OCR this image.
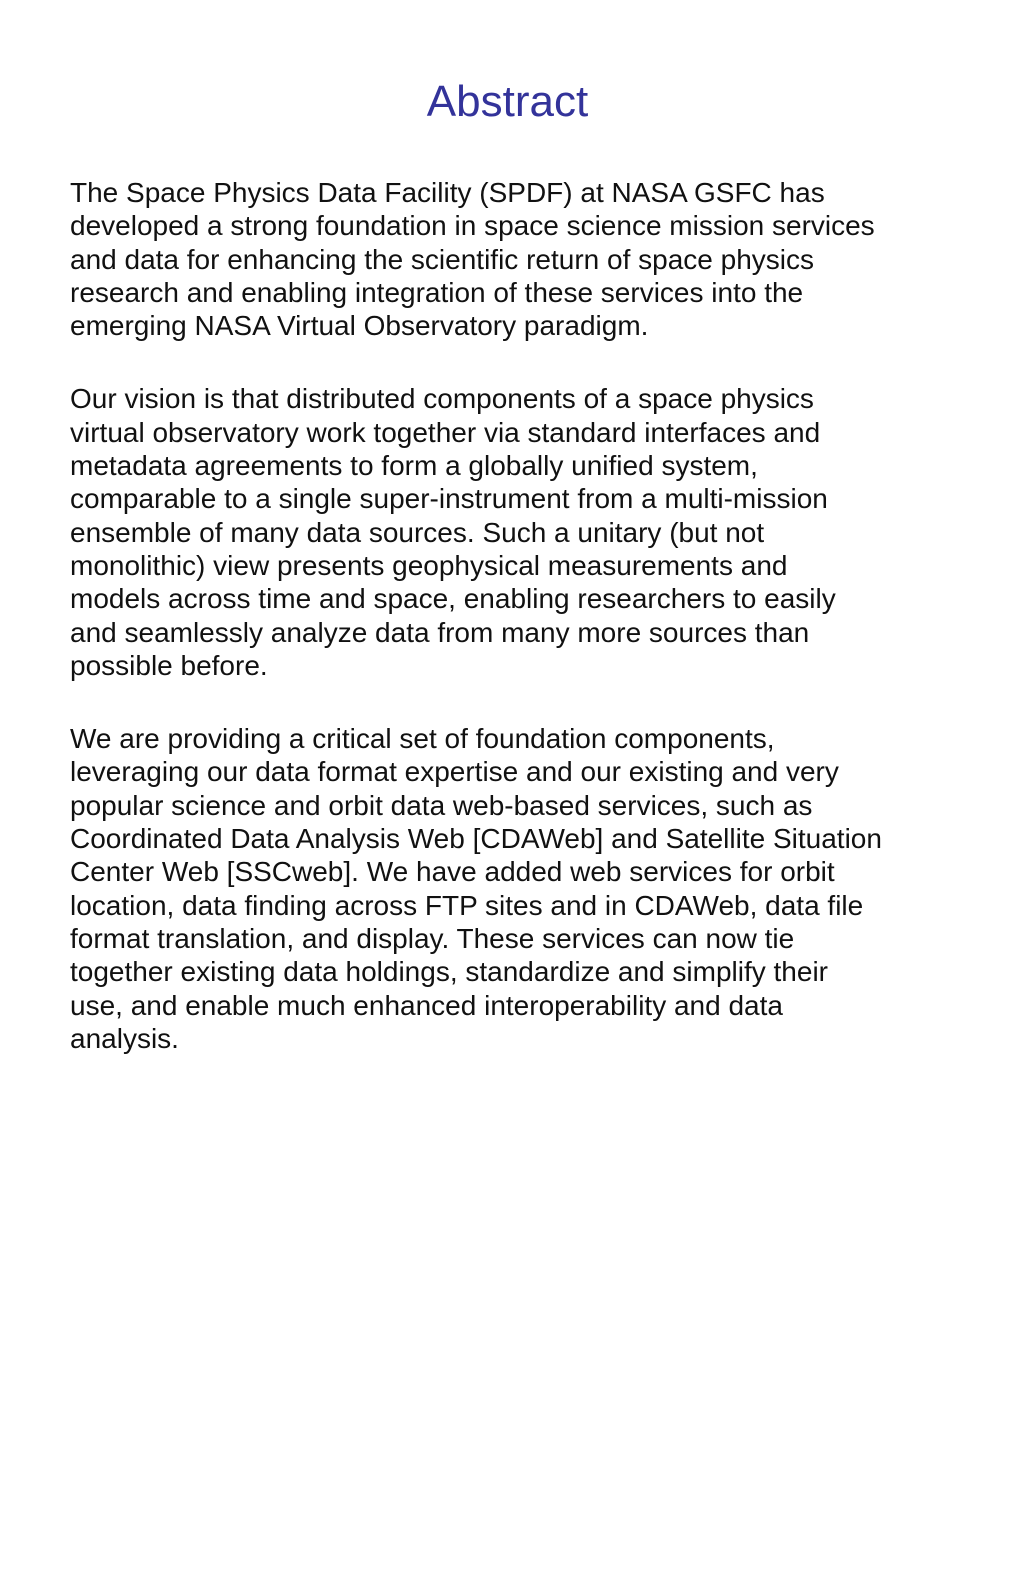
Abstract

The Space Physics Data Facility (SPDF) at NASA GSFC has
developed a strong foundation in space science mission services
and data for enhancing the scientific return of space physics
research and enabling integration of these services into the
emerging NASA Virtual Observatory paradigm.

Our vision is that distributed components of a space physics
virtual observatory work together via standard interfaces and
metadata agreements to form a globally unified system,
comparable to a single super-instrument from a multi-mission
ensemble of many data sources. Such a unitary (but not
monolithic) view presents geophysical measurements and
models across time and space, enabling researchers to easily
and seamlessly analyze data from many more sources than
possible before.

We are providing a critical set of foundation components,
leveraging our data format expertise and our existing and very
popular science and orbit data web-based services, such as
Coordinated Data Analysis Web [CDAWeb] and Satellite Situation
Center Web [SSCweb]. We have added web services for orbit
location, data finding across FTP sites and in CDAWeb, data file
format translation, and display. These services can now tie
together existing data holdings, standardize and simplify their
use, and enable much enhanced interoperability and data
analysis.
